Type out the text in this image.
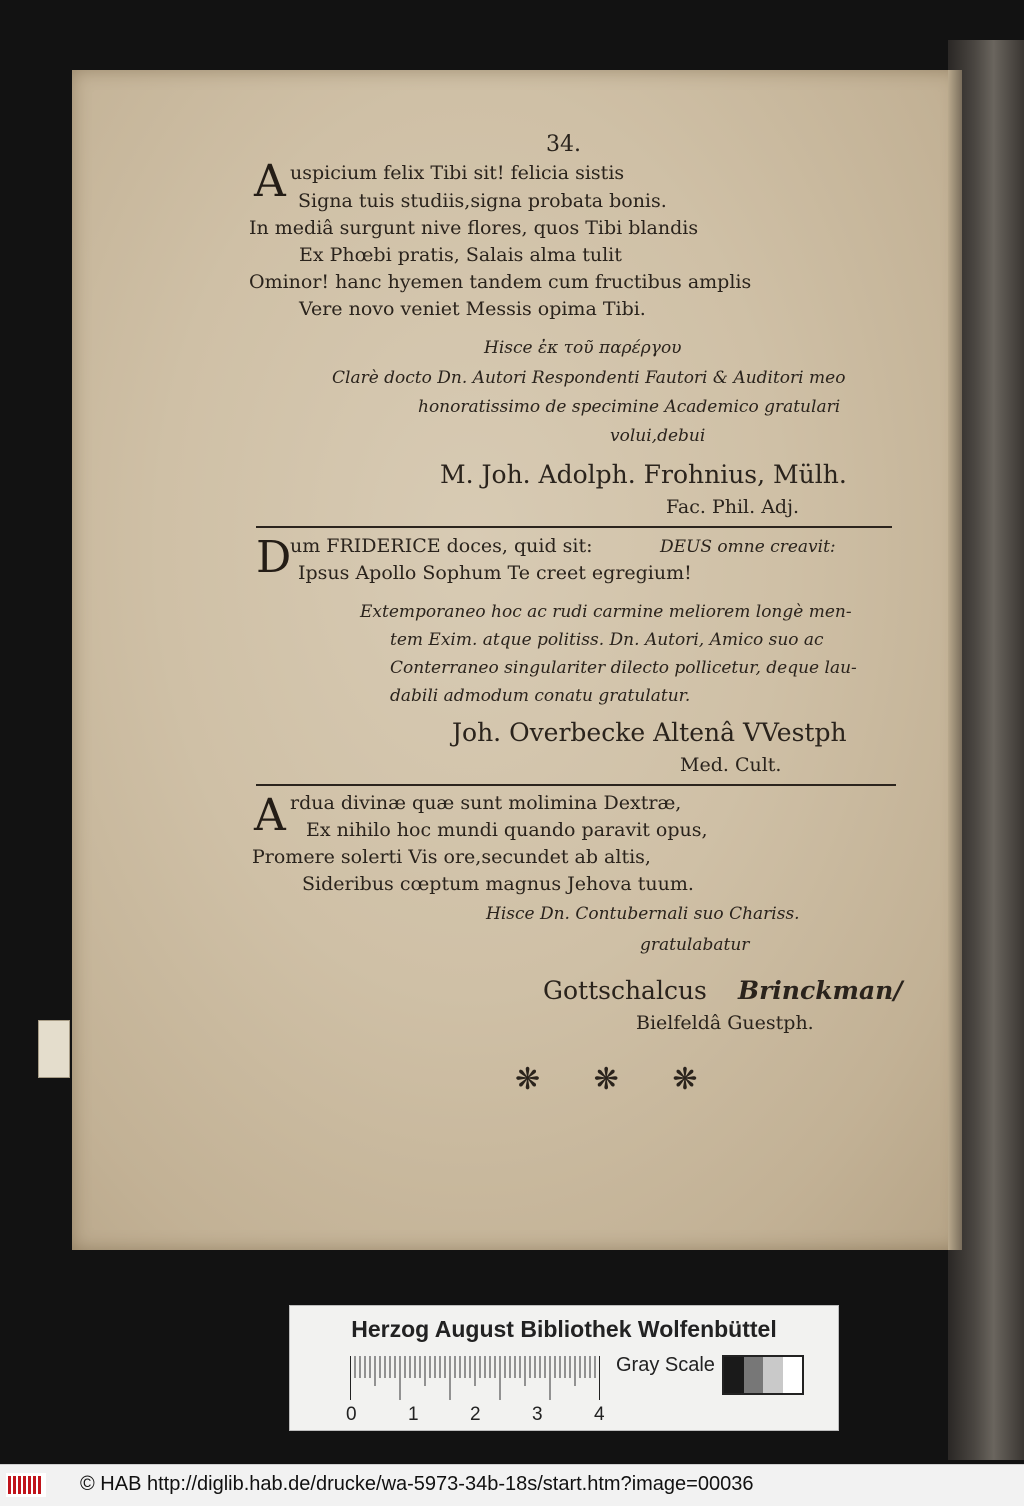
34.
A uspicium felix Tibi sit! felicia sistis
Signa tuis studiis,signa probata bonis.
In mediâ surgunt nive flores, quos Tibi blandis
Ex Phœbi pratis, Salais alma tulit
Ominor! hanc hyemen tandem cum fructibus amplis
Vere novo veniet Messis opima Tibi.
Hisce ἐκ τοῦ παρέργου
Clarè docto Dn. Autori Respondenti Fautori & Auditori meo
honoratissimo de specimine Academico gratulari
volui,debui
M. Joh. Adolph. Frohnius, Mülh.
Fac. Phil. Adj.
D
um FRIDERICE doces, quid sit:	DEUS omne creavit:
Ipsus Apollo Sophum Te creet egregium!
Extemporaneo hoc ac rudi carmine meliorem longè men-
tem Exim. atque politiss. Dn. Autori, Amico suo ac
Conterraneo singulariter dilecto pollicetur, deque lau-
dabili admodum conatu gratulatur.
Joh. Overbecke Altenâ VVestph
Med. Cult.
A rdua divinæ quæ sunt molimina Dextræ,
Ex nihilo hoc mundi quando paravit opus,
Promere solerti Vis ore,secundet ab altis,
Sideribus cœptum magnus Jehova tuum.
Hisce Dn. Contubernali suo Chariss.
gratulabatur
Gottschalcus Brinckman/
Bielfeldâ Guestph.
❋ ❋ ❋
Herzog August Bibliothek Wolfenbüttel
Gray Scale
0	1	2	3	4
© HAB http://diglib.hab.de/drucke/wa-5973-34b-18s/start.htm?image=00036
